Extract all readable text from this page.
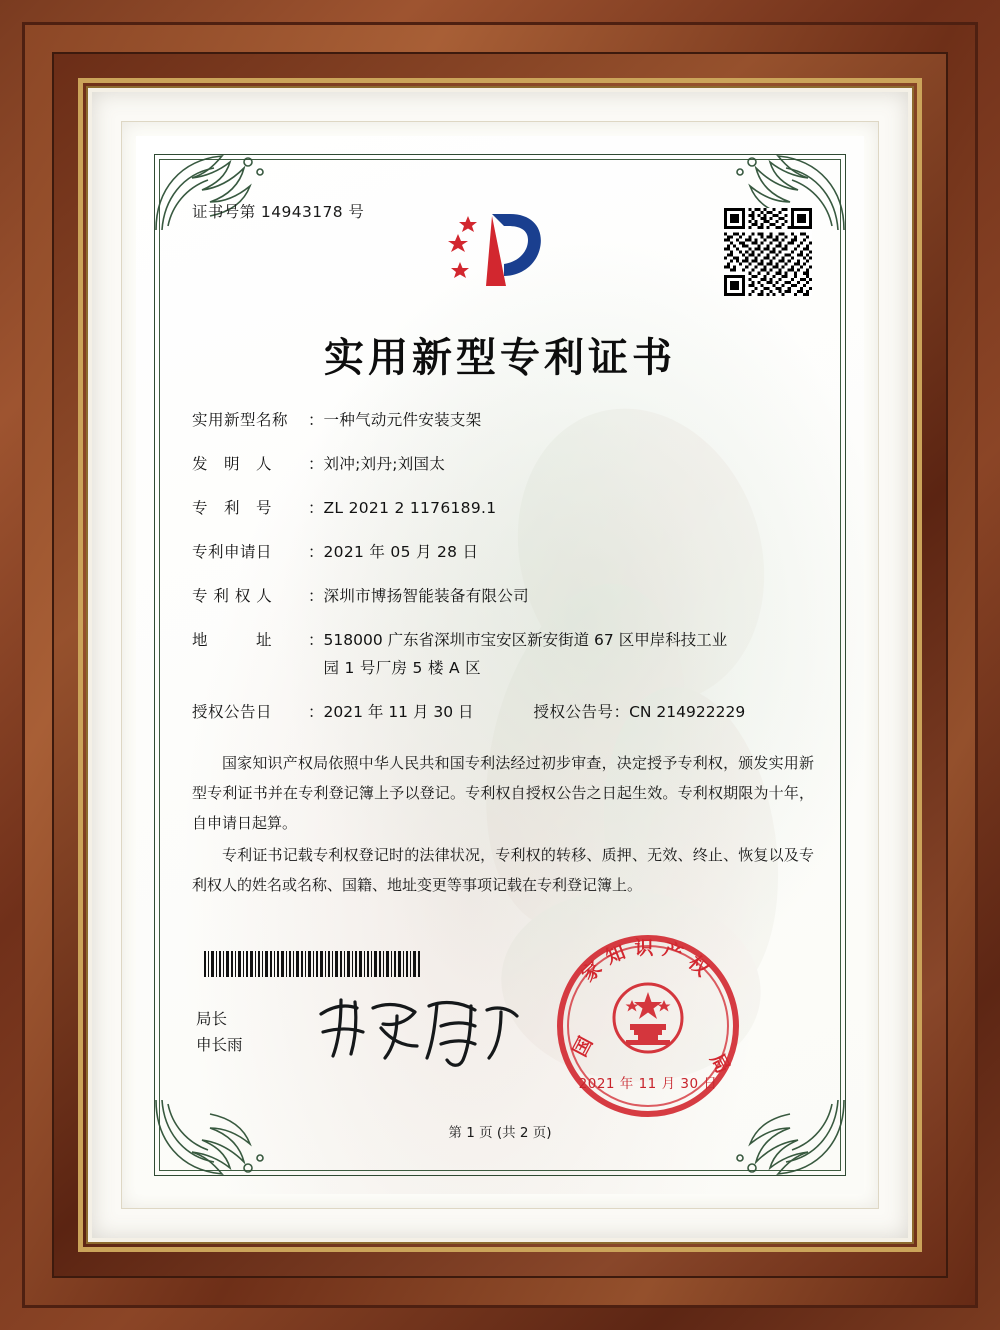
证书号第 14943178 号
实用新型专利证书
实用新型名称	： 一种气动元件安装支架
发　明　人	： 刘冲;刘丹;刘国太
专　利　号	： ZL 2021 2 1176189.1
专利申请日	： 2021 年 05 月 28 日
专 利 权 人	： 深圳市博扬智能装备有限公司
地　　　址	： 518000 广东省深圳市宝安区新安街道 67 区甲岸科技工业
园 1 号厂房 5 楼 A 区
授权公告日	： 2021 年 11 月 30 日	授权公告号 ： CN 214922229

国家知识产权局依照中华人民共和国专利法经过初步审查，决定授予专利权，颁发实用新型专利证书并在专利登记簿上予以登记。专利权自授权公告之日起生效。专利权期限为十年，自申请日起算。

专利证书记载专利权登记时的法律状况，专利权的转移、质押、无效、终止、恢复以及专利权人的姓名或名称、国籍、地址变更等事项记载在专利登记簿上。

局长
申长雨
家知识产权
国
局
2021 年 11 月 30 日
第 1 页 (共 2 页)
